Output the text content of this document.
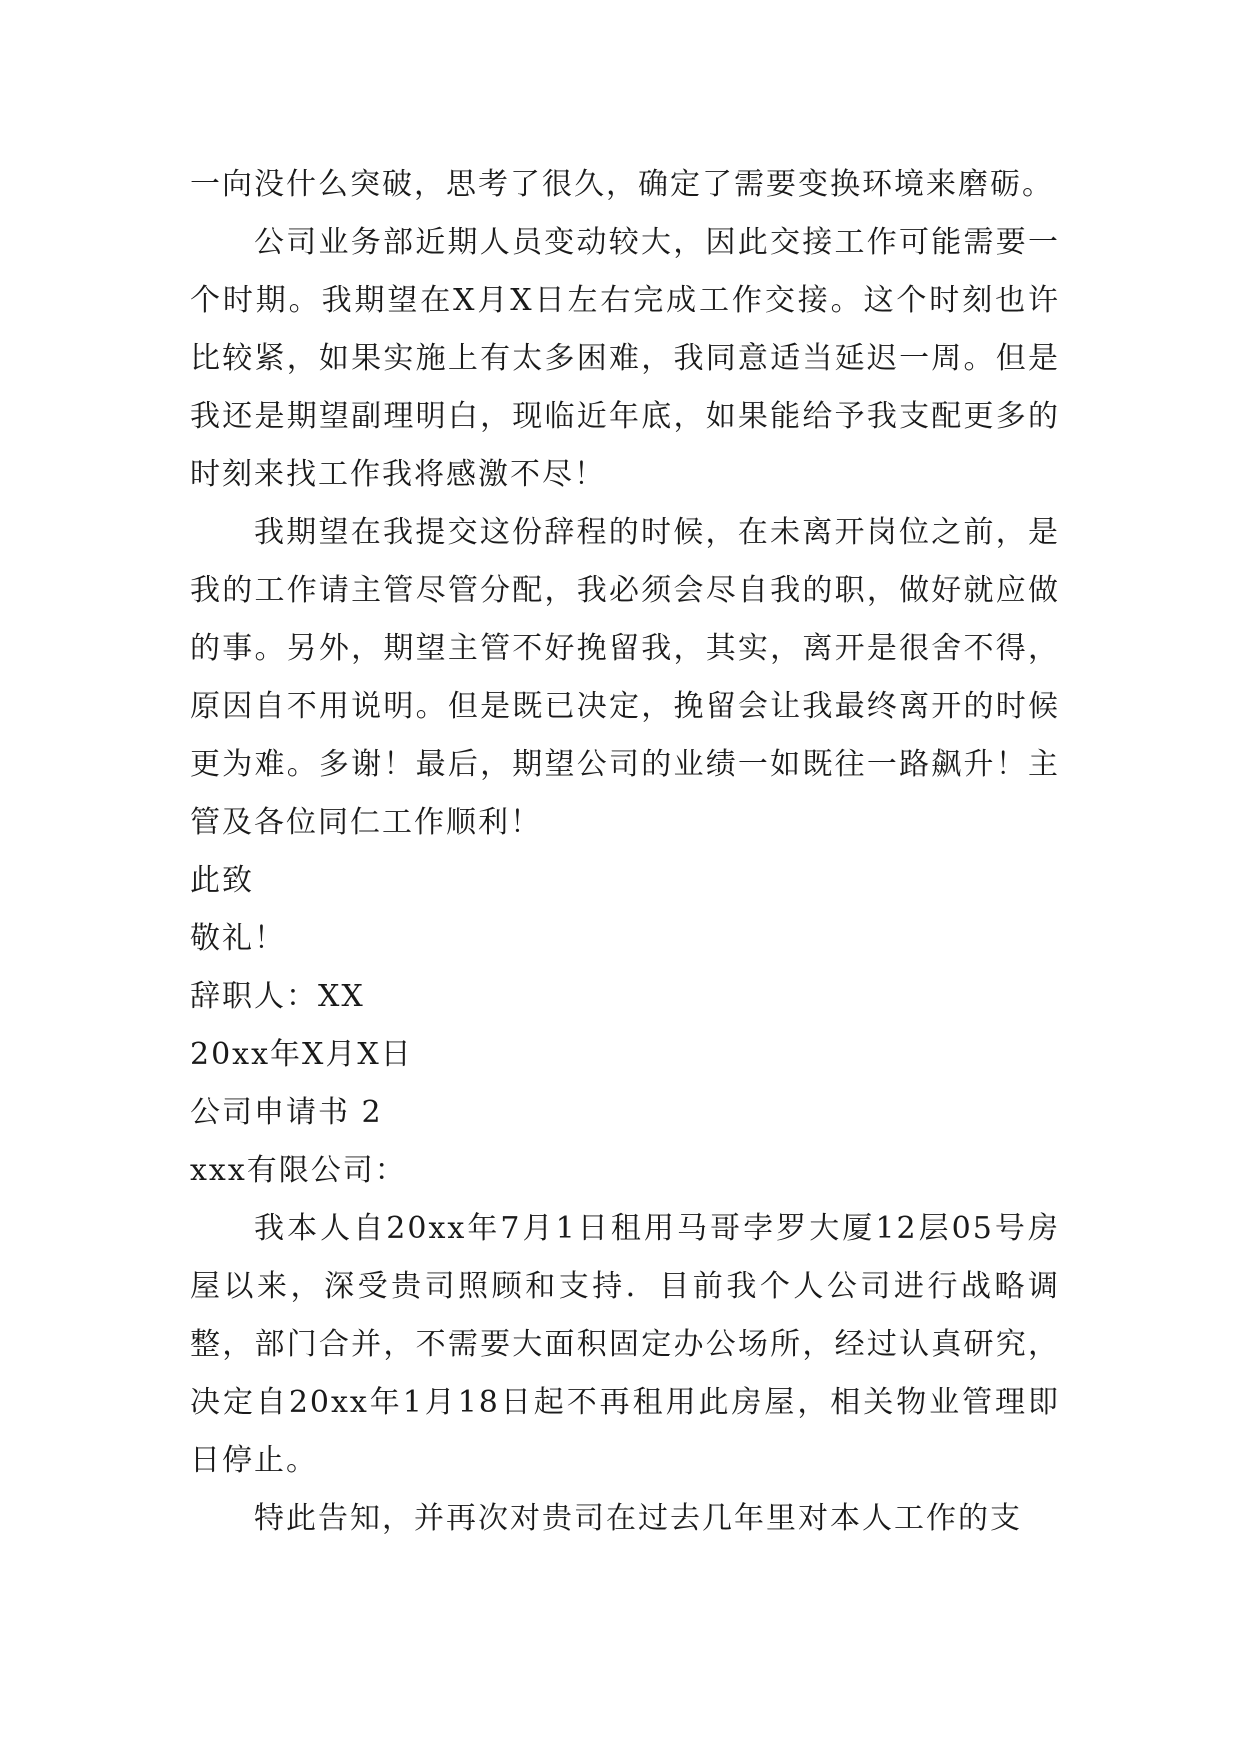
一向没什么突破，思考了很久，确定了需要变换环境来磨砺。

公司业务部近期人员变动较大，因此交接工作可能需要一个时期。我期望在X月X日左右完成工作交接。这个时刻也许比较紧，如果实施上有太多困难，我同意适当延迟一周。但是我还是期望副理明白，现临近年底，如果能给予我支配更多的时刻来找工作我将感激不尽！

我期望在我提交这份辞程的时候，在未离开岗位之前，是我的工作请主管尽管分配，我必须会尽自我的职，做好就应做的事。另外，期望主管不好挽留我，其实，离开是很舍不得，原因自不用说明。但是既已决定，挽留会让我最终离开的时候更为难。多谢！最后，期望公司的业绩一如既往一路飙升！主管及各位同仁工作顺利！

此致

敬礼！

辞职人：XX

20xx年X月X日

公司申请书 2

xxx有限公司：

我本人自20xx年7月1日租用马哥孛罗大厦12层05号房屋以来，深受贵司照顾和支持．目前我个人公司进行战略调整，部门合并，不需要大面积固定办公场所，经过认真研究，决定自20xx年1月18日起不再租用此房屋，相关物业管理即日停止。

特此告知，并再次对贵司在过去几年里对本人工作的支
